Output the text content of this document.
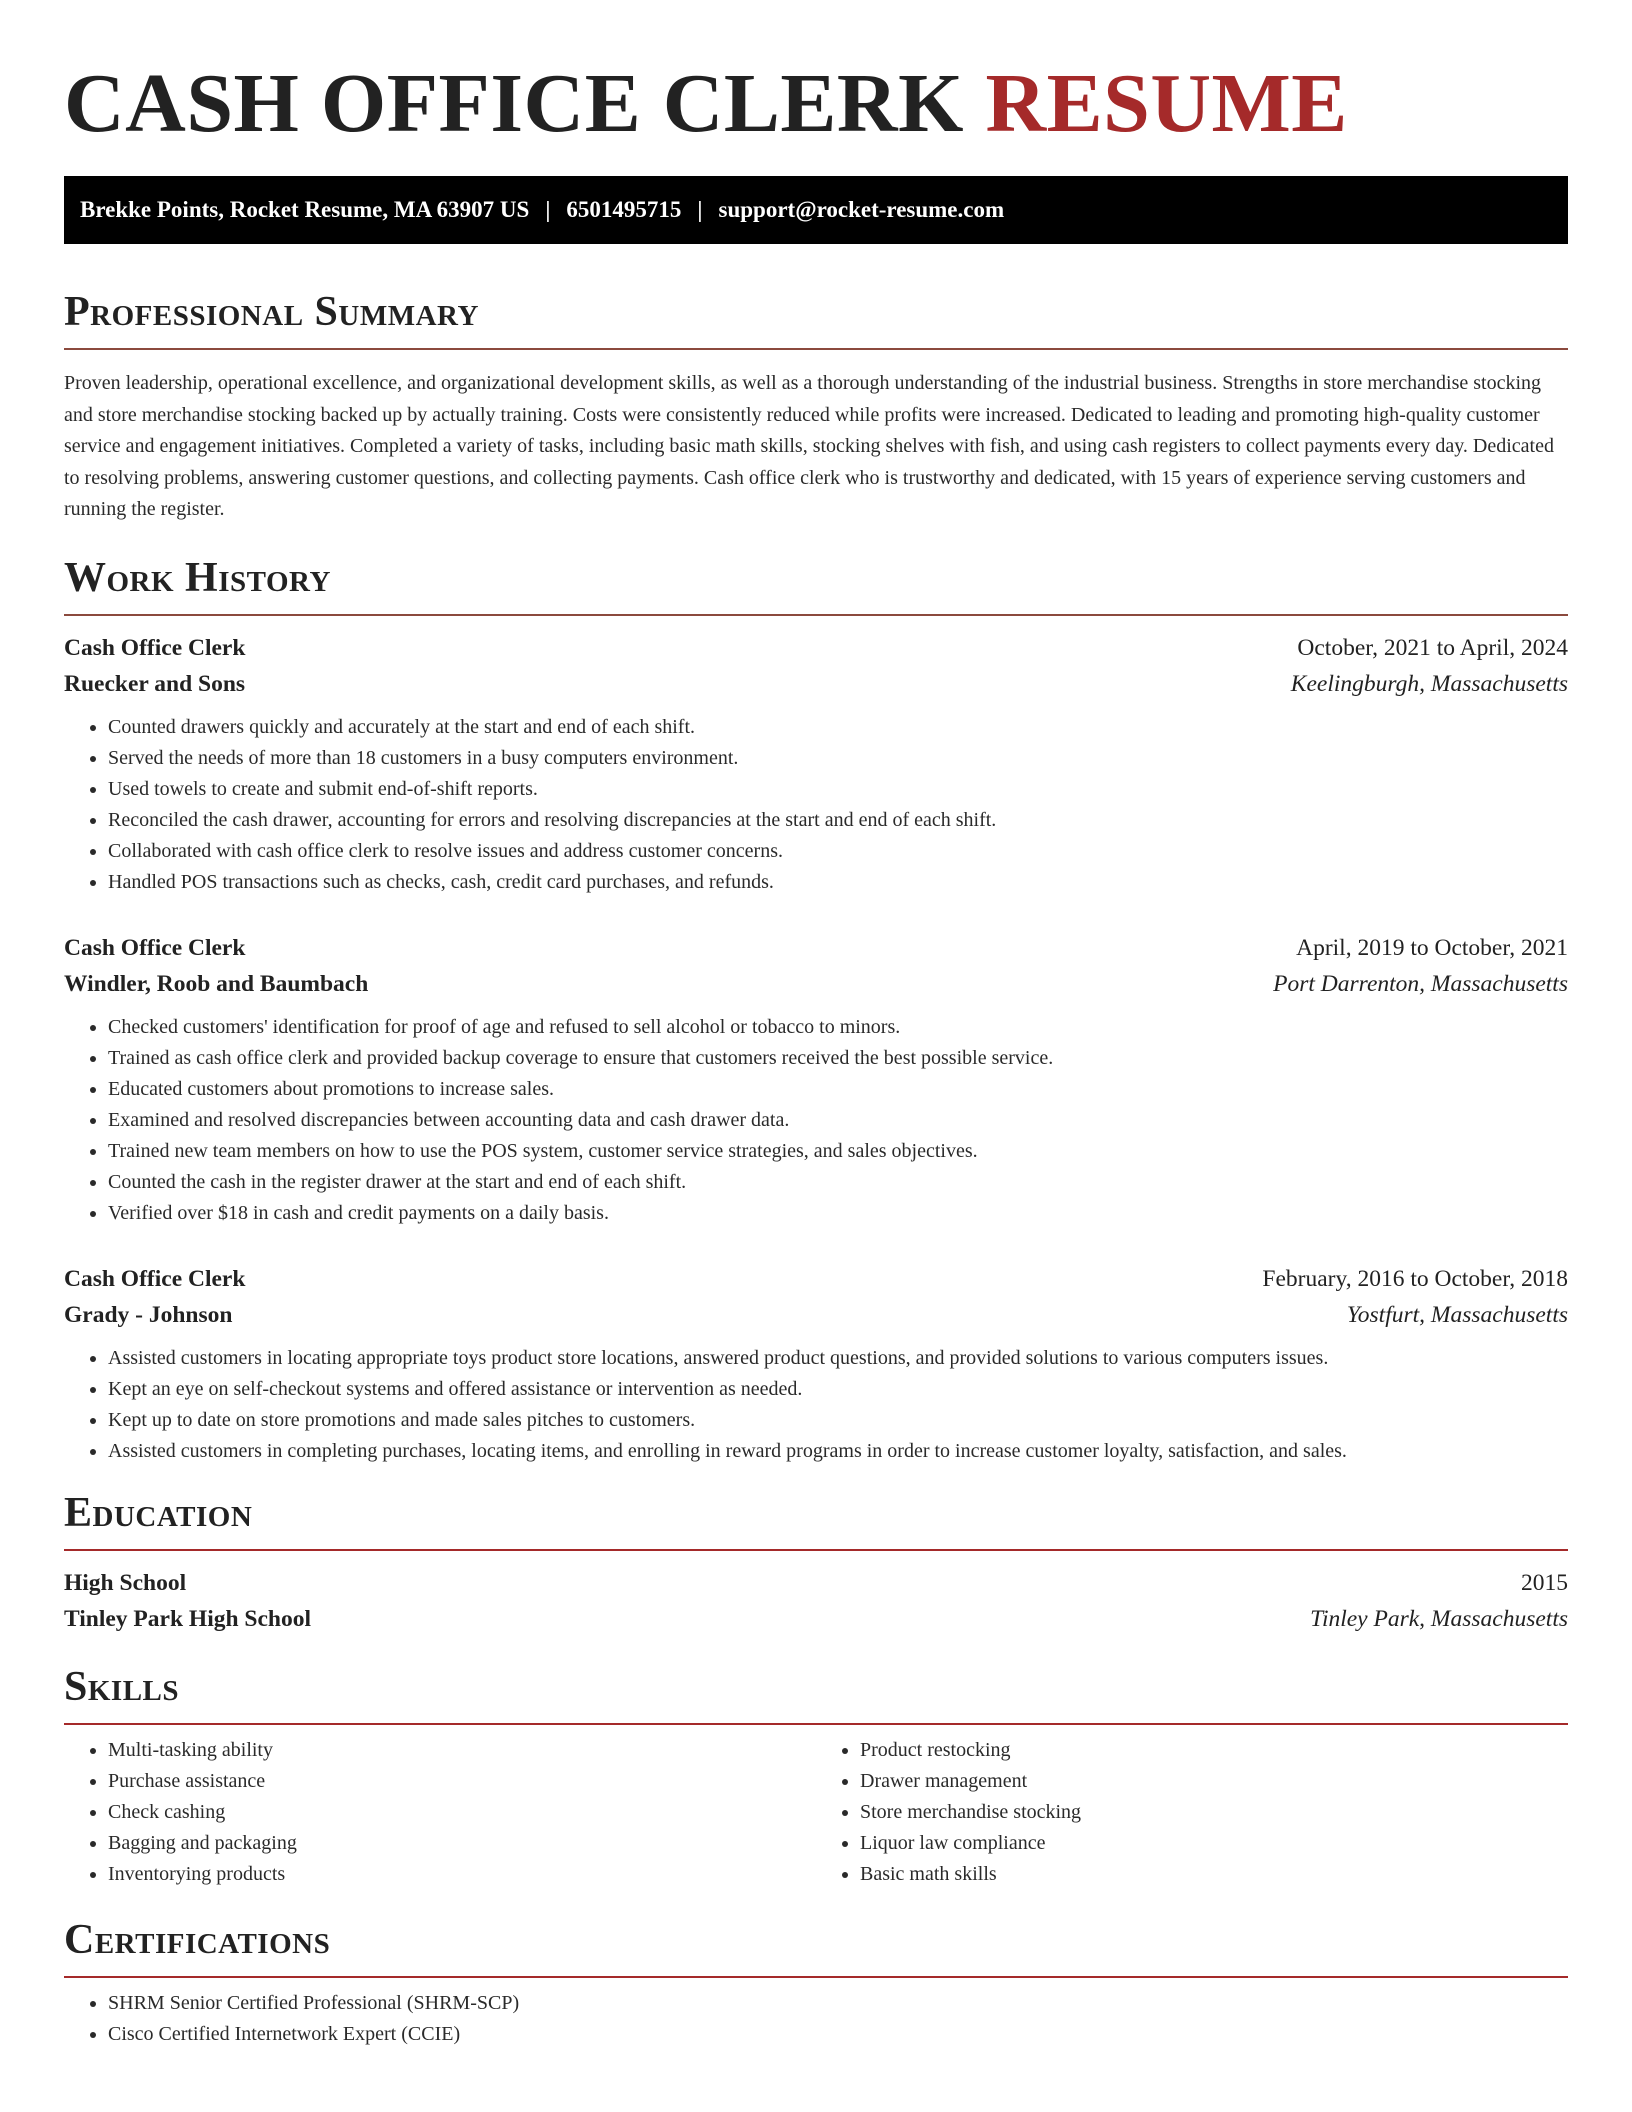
CASH OFFICE CLERK RESUME
Brekke Points, Rocket Resume, MA 63907 US | 6501495715 | support@rocket-resume.com
Professional Summary

Proven leadership, operational excellence, and organizational development skills, as well as a thorough understanding of the industrial business. Strengths in store merchandise stocking and store merchandise stocking backed up by actually training. Costs were consistently reduced while profits were increased. Dedicated to leading and promoting high-quality customer service and engagement initiatives. Completed a variety of tasks, including basic math skills, stocking shelves with fish, and using cash registers to collect payments every day. Dedicated to resolving problems, answering customer questions, and collecting payments. Cash office clerk who is trustworthy and dedicated, with 15 years of experience serving customers and running the register.

Work History
Cash Office Clerk	October, 2021 to April, 2024
Ruecker and Sons	Keelingburgh, Massachusetts
• Counted drawers quickly and accurately at the start and end of each shift.
• Served the needs of more than 18 customers in a busy computers environment.
• Used towels to create and submit end-of-shift reports.
• Reconciled the cash drawer, accounting for errors and resolving discrepancies at the start and end of each shift.
• Collaborated with cash office clerk to resolve issues and address customer concerns.
• Handled POS transactions such as checks, cash, credit card purchases, and refunds.
Cash Office Clerk	April, 2019 to October, 2021
Windler, Roob and Baumbach	Port Darrenton, Massachusetts
• Checked customers' identification for proof of age and refused to sell alcohol or tobacco to minors.
• Trained as cash office clerk and provided backup coverage to ensure that customers received the best possible service.
• Educated customers about promotions to increase sales.
• Examined and resolved discrepancies between accounting data and cash drawer data.
• Trained new team members on how to use the POS system, customer service strategies, and sales objectives.
• Counted the cash in the register drawer at the start and end of each shift.
• Verified over $18 in cash and credit payments on a daily basis.
Cash Office Clerk	February, 2016 to October, 2018
Grady - Johnson	Yostfurt, Massachusetts
• Assisted customers in locating appropriate toys product store locations, answered product questions, and provided solutions to various computers issues.
• Kept an eye on self-checkout systems and offered assistance or intervention as needed.
• Kept up to date on store promotions and made sales pitches to customers.
• Assisted customers in completing purchases, locating items, and enrolling in reward programs in order to increase customer loyalty, satisfaction, and sales.
Education
High School	2015
Tinley Park High School	Tinley Park, Massachusetts
Skills
• Multi-tasking ability
• Purchase assistance
• Check cashing
• Bagging and packaging
• Inventorying products
• Product restocking
• Drawer management
• Store merchandise stocking
• Liquor law compliance
• Basic math skills
Certifications
• SHRM Senior Certified Professional (SHRM-SCP)
• Cisco Certified Internetwork Expert (CCIE)
